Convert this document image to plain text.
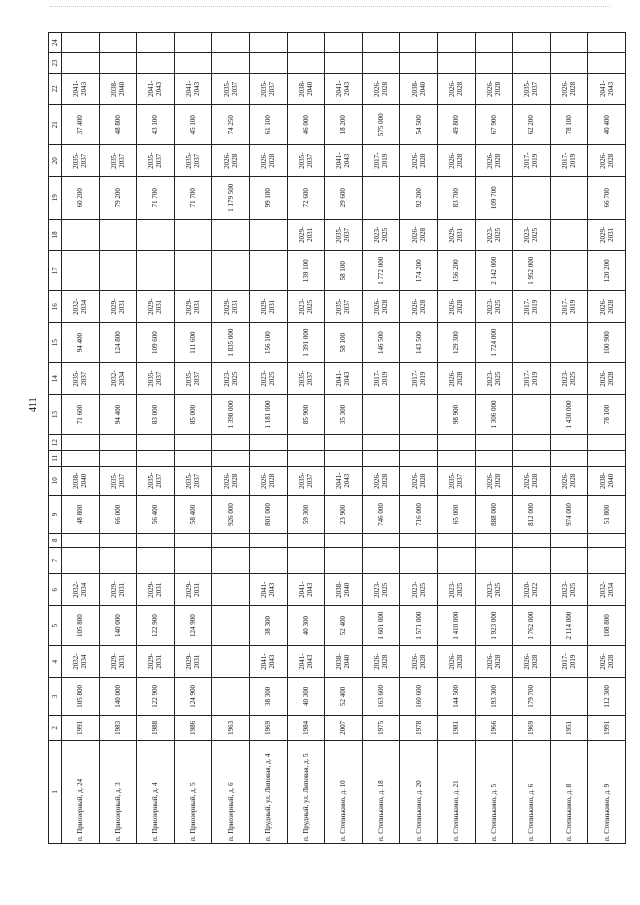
411
1	2	3	4	5	6	7	8	9	10	11	12	13	14	15	16	17	18	19	20	21	22	23	24
п. Приозерный, д. 24	1991	105 800	2032-2034	105 800	2032-2034			48 800	2038-2040			71 600	2035-2037	94 400	2032-2034			60 200	2035-2037	37 400	2041-2043		
п. Приозерный, д. 3	1983	140 000	2029-2031	140 000	2029-2031			66 000	2035-2037			94 400	2032-2034	124 800	2029-2031			79 200	2035-2037	48 800	2038-2040		
п. Приозерный, д. 4	1988	122 900	2029-2031	122 900	2029-2031			56 400	2035-2037			83 000	2035-2037	109 600	2029-2031			71 700	2035-2037	43 100	2041-2043		
п. Приозерный, д. 5	1986	124 900	2029-2031	124 900	2029-2031			58 400	2035-2037			85 000	2035-2037	111 600	2029-2031			71 700	2035-2037	45 100	2041-2043		
п. Приозерный, д. 6	1963							926 000	2026-2028			1 398 000	2023-2025	1 835 000	2029-2031			1 179 500	2026-2028	74 250	2035-2037		
п. Прудный, ул. Липовая, д. 4	1969	38 300	2041-2043	38 300	2041-2043			801 000	2026-2028			1 181 000	2023-2025	156 100	2029-2031			99 100	2026-2028	61 100	2035-2037		
п. Прудный, ул. Липовая, д. 5	1984	40 300	2041-2043	40 300	2041-2043			59 300	2035-2037			85 900	2035-2037	1 391 000	2023-2025	139 100	2029-2031	72 600	2035-2037	46 000	2038-2040		
п. Степнькино, д. 10	2007	52 400	2038-2040	52 400	2038-2040			23 900	2041-2043			35 300	2041-2043	58 100	2035-2037	58 100	2035-2037	29 600	2041-2043	18 200	2041-2043		
п. Степнькино, д. 18	1975	163 600	2026-2028	1 601 000	2023-2025			746 000	2026-2028				2017-2019	146 500	2026-2028	1 772 000	2023-2025		2017-2019	575 000	2026-2028		
п. Степнькино, д. 20	1978	160 600	2026-2028	1 571 000	2023-2025			716 000	2026-2028				2017-2019	143 500	2026-2028	174 200	2026-2028	92 200	2026-2028	54 500	2038-2040		
п. Степнькино, д. 21	1981	144 500	2026-2028	1 410 000	2023-2025			65 000	2035-2037			98 900	2026-2028	129 300	2026-2028	156 200	2029-2031	83 700	2026-2028	49 800	2026-2028		
п. Степнькино, д. 5	1966	193 300	2026-2028	1 923 000	2023-2025			888 000	2026-2028			1 306 000	2023-2025	1 724 000	2023-2025	2 142 000	2023-2025	109 700	2026-2028	67 900	2026-2028		
п. Степнькино, д. 6	1969	179 700	2026-2028	1 762 000	2020-2022			812 000	2026-2028				2017-2019		2017-2019	1 952 000	2023-2025		2017-2019	62 200	2035-2037		
п. Степнькино, д. 8	1951		2017-2019	2 114 000	2023-2025			974 000	2026-2028			1 430 000	2023-2025		2017-2019				2017-2019	78 100	2026-2028		
п. Степнькино, д. 9	1991	112 300	2026-2028	108 800	2032-2034			51 800	2038-2040			78 100	2026-2028	100 900	2026-2028	120 200	2029-2031	66 700	2026-2028	40 400	2041-2043		
